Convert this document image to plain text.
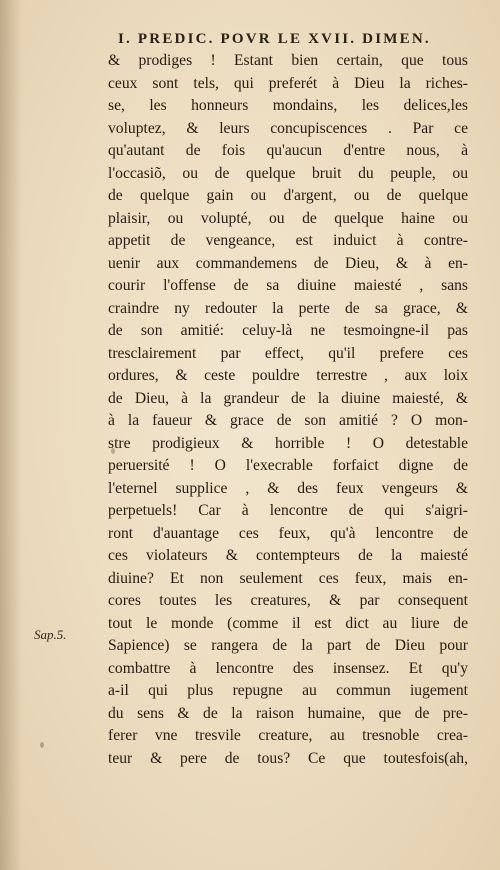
I. PREDIC. POVR LE XVII. DIMEN.
& prodiges ! Estant bien certain, que tous
ceux sont tels, qui preferét à Dieu la riches-
se, les honneurs mondains, les delices,les
voluptez, & leurs concupiscences . Par ce
qu'autant de fois qu'aucun d'entre nous, à
l'occasiõ, ou de quelque bruit du peuple, ou
de quelque gain ou d'argent, ou de quelque
plaisir, ou volupté, ou de quelque haine ou
appetit de vengeance, est induict à contre-
uenir aux commandemens de Dieu, & à en-
courir l'offense de sa diuine maiesté , sans
craindre ny redouter la perte de sa grace, &
de son amitié: celuy-là ne tesmoingne-il pas
tresclairement par effect, qu'il prefere ces
ordures, & ceste pouldre terrestre , aux loix
de Dieu, à la grandeur de la diuine maiesté, &
à la faueur & grace de son amitié ? O mon-
stre prodigieux & horrible ! O detestable
peruersité ! O l'execrable forfaict digne de
l'eternel supplice , & des feux vengeurs &
perpetuels! Car à lencontre de qui s'aigri-
ront d'auantage ces feux, qu'à lencontre de
ces violateurs & contempteurs de la maiesté
diuine? Et non seulement ces feux, mais en-
cores toutes les creatures, & par consequent
tout le monde (comme il est dict au liure de
Sapience) se rangera de la part de Dieu pour
combattre à lencontre des insensez. Et qu'y
a-il qui plus repugne au commun iugement
du sens & de la raison humaine, que de pre-
ferer vne tresvile creature, au tresnoble crea-
teur & pere de tous? Ce que toutesfois(ah,
Sap.5.
